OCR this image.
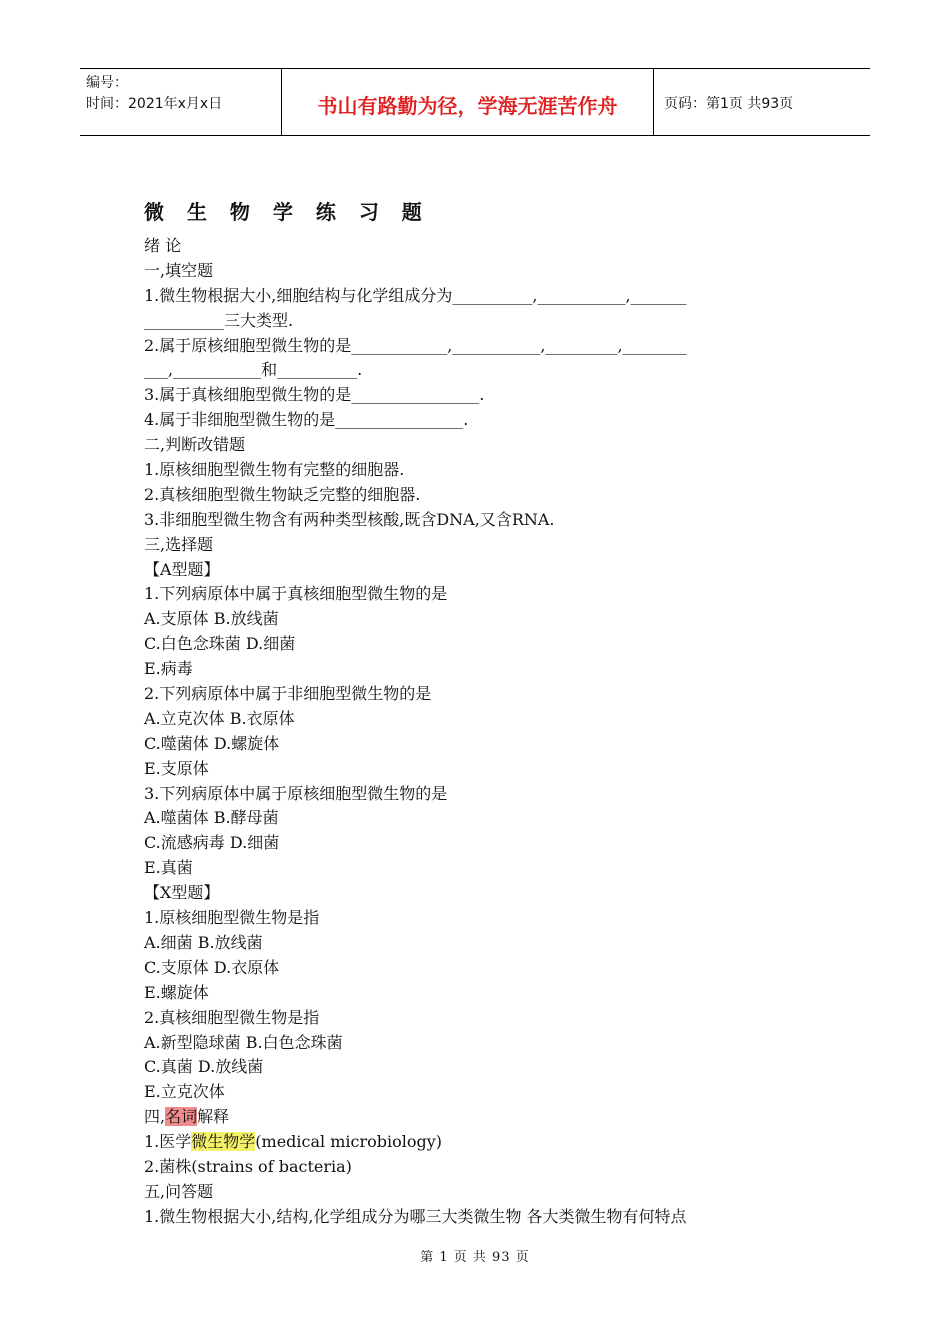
编号：
时间：2021年x月x日	书山有路勤为径，学海无涯苦作舟	页码：第1页 共93页
微 生 物 学 练 习 题
绪 论
一,填空题
1.微生物根据大小,细胞结构与化学组成分为__________,___________,_______
__________三大类型.
2.属于原核细胞型微生物的是____________,___________,_________,________
___,___________和__________.
3.属于真核细胞型微生物的是________________.
4.属于非细胞型微生物的是________________.
二,判断改错题
1.原核细胞型微生物有完整的细胞器.
2.真核细胞型微生物缺乏完整的细胞器.
3.非细胞型微生物含有两种类型核酸,既含DNA,又含RNA.
三,选择题
【A型题】
1.下列病原体中属于真核细胞型微生物的是
A.支原体 B.放线菌
C.白色念珠菌 D.细菌
E.病毒
2.下列病原体中属于非细胞型微生物的是
A.立克次体 B.衣原体
C.噬菌体 D.螺旋体
E.支原体
3.下列病原体中属于原核细胞型微生物的是
A.噬菌体 B.酵母菌
C.流感病毒 D.细菌
E.真菌
【X型题】
1.原核细胞型微生物是指
A.细菌 B.放线菌
C.支原体 D.衣原体
E.螺旋体
2.真核细胞型微生物是指
A.新型隐球菌 B.白色念珠菌
C.真菌 D.放线菌
E.立克次体
四,名词解释
1.医学微生物学(medical microbiology)
2.菌株(strains of bacteria)
五,问答题
1.微生物根据大小,结构,化学组成分为哪三大类微生物 各大类微生物有何特点
第 1 页 共 93 页
